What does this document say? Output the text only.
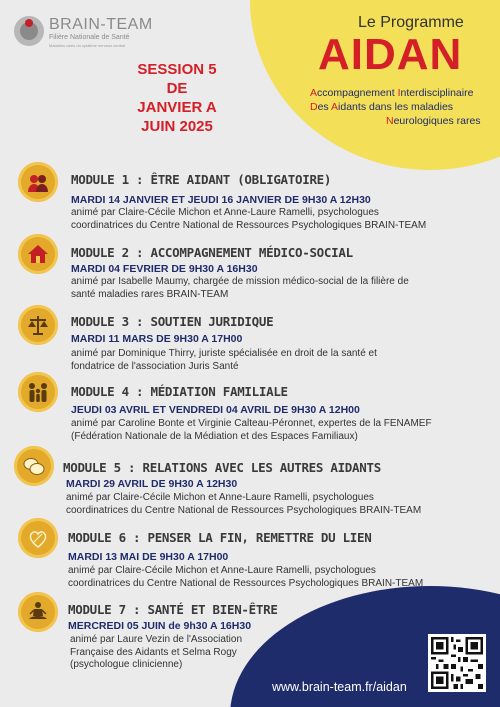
BRAIN-TEAM
Filière Nationale de Santé
Maladies rares du système nerveux central
Le Programme
AIDAN
Accompagnement Interdisciplinaire
Des Aidants dans les maladies
Neurologiques rares
SESSION 5
DE
JANVIER A
JUIN 2025
MODULE 1 : ÊTRE AIDANT (OBLIGATOIRE)
MARDI 14 JANVIER ET JEUDI 16 JANVIER DE 9H30 A 12H30
animé par Claire-Cécile Michon et Anne-Laure Ramelli, psychologues
coordinatrices du Centre National de Ressources Psychologiques BRAIN-TEAM
MODULE 2 : ACCOMPAGNEMENT MÉDICO-SOCIAL
MARDI 04 FEVRIER DE 9H30 A 16H30
animé par Isabelle Maumy, chargée de mission médico-social de la filière de
santé maladies rares BRAIN-TEAM
MODULE 3 : SOUTIEN JURIDIQUE
MARDI 11 MARS DE 9H30 A 17H00
animé par Dominique Thirry, juriste spécialisée en droit de la santé et
fondatrice de l'association Juris Santé
MODULE 4 : MÉDIATION FAMILIALE
JEUDI 03 AVRIL ET VENDREDI 04 AVRIL DE 9H30 A 12H00
animé par Caroline Bonte et Virginie Calteau-Péronnet, expertes de la FENAMEF
(Fédération Nationale de la Médiation et des Espaces Familiaux)
MODULE 5 : RELATIONS AVEC LES AUTRES AIDANTS
MARDI 29 AVRIL DE 9H30 A 12H30
animé par Claire-Cécile Michon et Anne-Laure Ramelli, psychologues
coordinatrices du Centre National de Ressources Psychologiques BRAIN-TEAM
MODULE 6 : PENSER LA FIN, REMETTRE DU LIEN
MARDI 13 MAI DE 9H30 A 17H00
animé par Claire-Cécile Michon et Anne-Laure Ramelli, psychologues
coordinatrices du Centre National de Ressources Psychologiques BRAIN-TEAM
MODULE 7 : SANTÉ ET BIEN-ÊTRE
MERCREDI 05 JUIN de 9h30 A 16H30
animé par Laure Vezin de l'Association
Française des Aidants et Selma Rogy
(psychologue clinicienne)
www.brain-team.fr/aidan
